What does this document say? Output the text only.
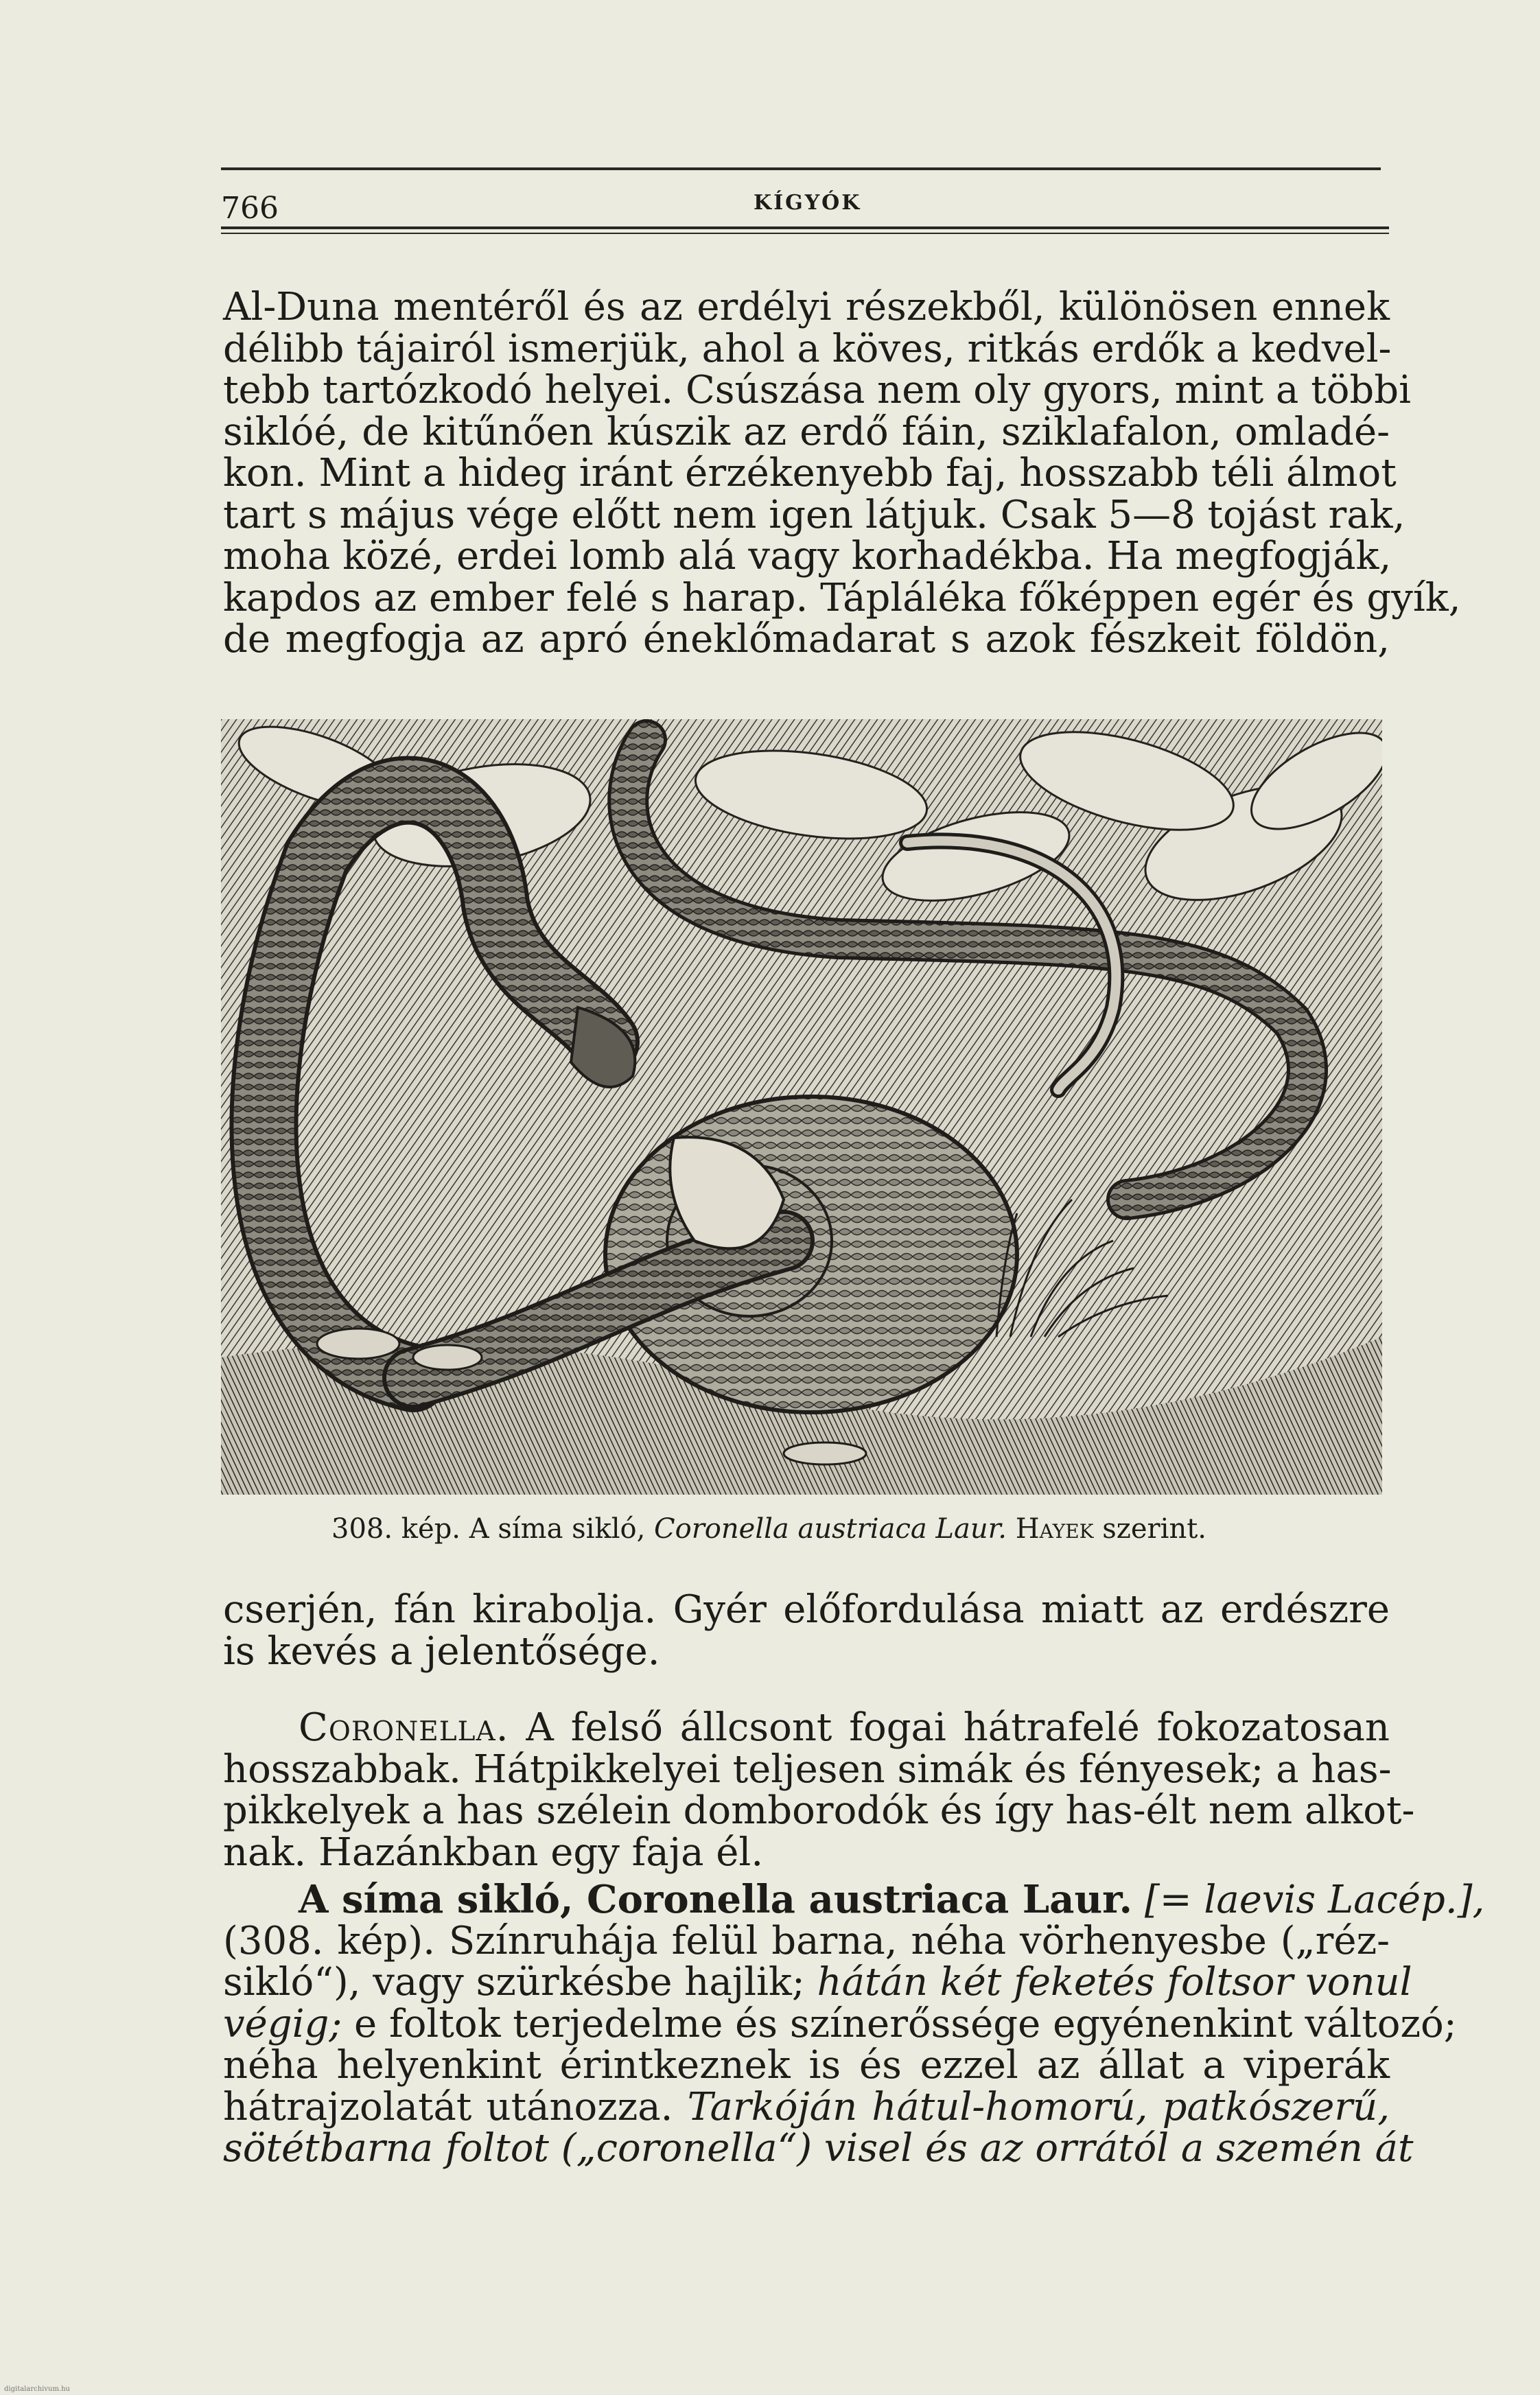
766	KÍGYÓK
Al-Duna mentéről és az erdélyi részekből, különösen ennek
délibb tájairól ismerjük, ahol a köves, ritkás erdők a kedvel-
tebb tartózkodó helyei. Csúszása nem oly gyors, mint a többi
siklóé, de kitűnően kúszik az erdő fáin, sziklafalon, omladé-
kon. Mint a hideg iránt érzékenyebb faj, hosszabb téli álmot
tart s május vége előtt nem igen látjuk. Csak 5—8 tojást rak,
moha közé, erdei lomb alá vagy korhadékba. Ha megfogják,
kapdos az ember felé s harap. Tápláléka főképpen egér és gyík,
de megfogja az apró éneklőmadarat s azok fészkeit földön,
308. kép. A síma sikló, Coronella austriaca Laur. Hayek szerint.
cserjén, fán kirabolja. Gyér előfordulása miatt az erdészre
is kevés a jelentősége.
Coronella. A felső állcsont fogai hátrafelé fokozatosan
hosszabbak. Hátpikkelyei teljesen simák és fényesek; a has-
pikkelyek a has szélein domborodók és így has-élt nem alkot-
nak. Hazánkban egy faja él.
A síma sikló, Coronella austriaca Laur. [= laevis Lacép.],
(308. kép). Színruhája felül barna, néha vörhenyesbe („réz-
sikló“), vagy szürkésbe hajlik; hátán két feketés foltsor vonul
végig; e foltok terjedelme és színerőssége egyénenkint változó;
néha helyenkint érintkeznek is és ezzel az állat a viperák
hátrajzolatát utánozza. Tarkóján hátul-homorú, patkószerű,
sötétbarna foltot („coronella“) visel és az orrától a szemén át
digitalarchivum.hu
